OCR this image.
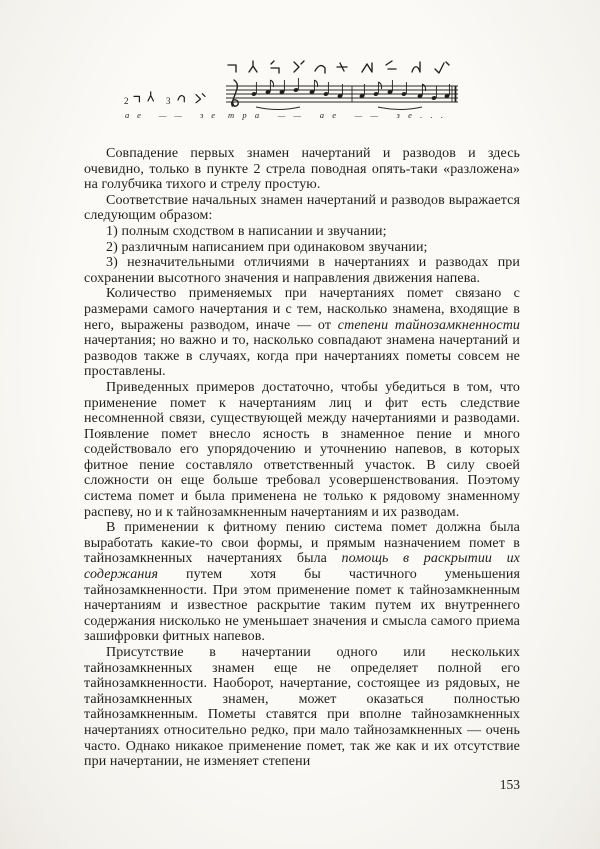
2	3
ае —— зе тра —— ае —— зе...

Совпадение первых знамен начертаний и разводов и здесь очевидно, только в пункте 2 стрела поводная опять-таки «разложена» на голубчика тихого и стрелу простую.

Соответствие начальных знамен начертаний и разводов выражается следующим образом:

1) полным сходством в написании и звучании;

2) различным написанием при одинаковом звучании;

3) незначительными отличиями в начертаниях и разводах при сохранении высотного значения и направления движения напева.

Количество применяемых при начертаниях помет связано с размерами самого начертания и с тем, насколько знамена, входящие в него, выражены разводом, иначе — от степени тайнозамкненности начертания; но важно и то, насколько совпадают знамена начертаний и разводов также в случаях, когда при начертаниях пометы совсем не проставлены.

Приведенных примеров достаточно, чтобы убедиться в том, что применение помет к начертаниям лиц и фит есть следствие несомненной связи, существующей между начертаниями и разводами. Появление помет внесло ясность в знаменное пение и много содействовало его упорядочению и уточнению напевов, в которых фитное пение составляло ответственный участок. В силу своей сложности он еще больше требовал усовершенствования. Поэтому система помет и была применена не только к рядовому знаменному распеву, но и к тайнозамкненным начертаниям и их разводам.

В применении к фитному пению система помет должна была выработать какие-то свои формы, и прямым назначением помет в тайнозамкненных начертаниях была помощь в раскрытии их содержания путем хотя бы частичного уменьшения тайнозамкненности. При этом применение помет к тайнозамкненным начертаниям и известное раскрытие таким путем их внутреннего содержания нисколько не уменьшает значения и смысла самого приема зашифровки фитных напевов.

Присутствие в начертании одного или нескольких тайнозамкненных знамен еще не определяет полной его тайнозамкненности. Наоборот, начертание, состоящее из рядовых, не тайнозамкненных знамен, может оказаться полностью тайнозамкненным. Пометы ставятся при вполне тайнозамкненных начертаниях относительно редко, при мало тайнозамкненных — очень часто. Однако никакое применение помет, так же как и их отсутствие при начертании, не изменяет степени

153
